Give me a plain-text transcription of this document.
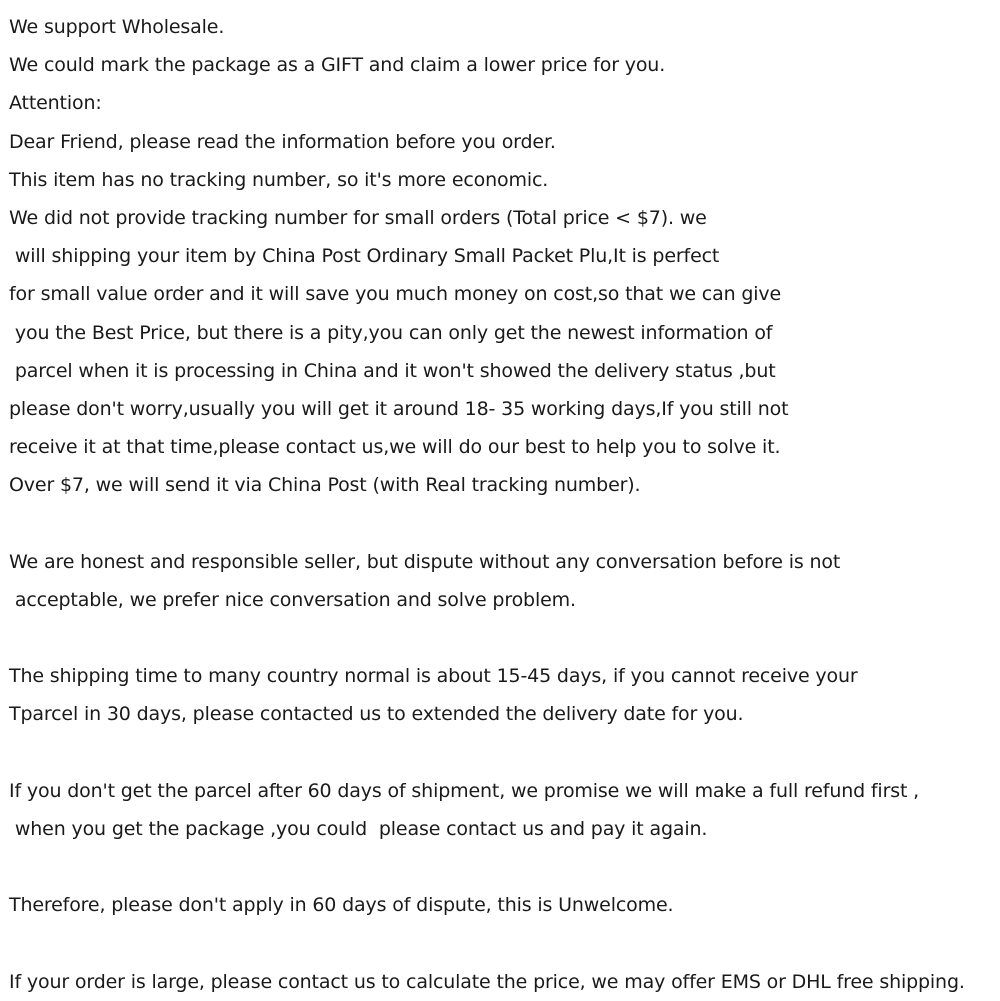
We support Wholesale.
We could mark the package as a GIFT and claim a lower price for you.
Attention:
Dear Friend, please read the information before you order.
This item has no tracking number, so it's more economic.
We did not provide tracking number for small orders (Total price < $7). we
will shipping your item by China Post Ordinary Small Packet Plu,It is perfect
for small value order and it will save you much money on cost,so that we can give
you the Best Price, but there is a pity,you can only get the newest information of
parcel when it is processing in China and it won't showed the delivery status ,but
please don't worry,usually you will get it around 18- 35 working days,If you still not
receive it at that time,please contact us,we will do our best to help you to solve it.
Over $7, we will send it via China Post (with Real tracking number).
We are honest and responsible seller, but dispute without any conversation before is not
acceptable, we prefer nice conversation and solve problem.
The shipping time to many country normal is about 15-45 days, if you cannot receive your
Tparcel in 30 days, please contacted us to extended the delivery date for you.
If you don't get the parcel after 60 days of shipment, we promise we will make a full refund first ,
when you get the package ,you could  please contact us and pay it again.
Therefore, please don't apply in 60 days of dispute, this is Unwelcome.
If your order is large, please contact us to calculate the price, we may offer EMS or DHL free shipping.
